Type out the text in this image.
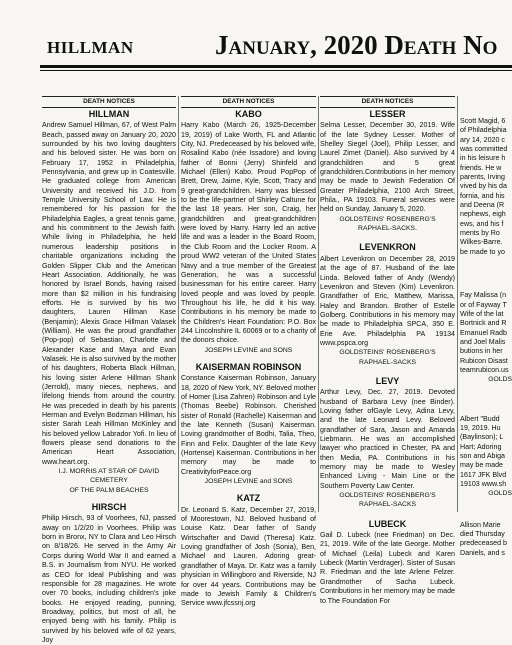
HILLMAN	January, 2020 Death No
DEATH NOTICES
HILLMAN

Andrew Samuel Hillman, 67, of West Palm Beach, passed away on January 20, 2020 surrounded by his two loving daughters and his beloved sister. He was born on February 17, 1952 in Philadelphia, Pennsylvania, and grew up in Coatesville. He graduated college from American University and received his J.D. from Temple University School of Law. He is remembered for his passion for the Philadelphia Eagles, a great tennis game, and his commitment to the Jewish faith. While living in Philadelphia, he held numerous leadership positions in charitable organizations including the Golden Slipper Club and the American Heart Association. Additionally, he was honored by Israel Bonds, having raised more than $2 million in his fundraising efforts. He is survived by his two daughters, Lauren Hillman Kase (Benjamin); Alexis Grace Hillman Valasek (William). He was the proud grandfather (Pop-pop) of Sebastian, Charlotte and Alexander Kase and Maya and Evan Valasek. He is also survived by the mother of his daughters, Roberta Black Hillman, his loving sister Arlene Hillman Shank (Jerrold), many nieces, nephews, and lifelong friends from around the country. He was preceded in death by his parents Herman and Evelyn Bodzman Hillman, his sister Sarah Leah Hillman McKinley and his beloved yellow Labrador Yofi. In lieu of flowers please send donations to the American Heart Association, www.heart.org.

I.J. MORRIS AT STAR OF DAVID CEMETERY
OF THE PALM BEACHES
HIRSCH

Philip Hirsch, 93 of Voorhees, NJ, passed away on 1/2/20 in Voorhees. Philip was born in Bronx, NY to Clara and Leo Hirsch on 8/18/26. He served in the Army Air Corps during World War II and earned a B.S. in Journalism from NYU. He worked as CEO for Ideal Publishing and was responsible for 28 magazines. He wrote over 70 books, including children's joke books. He enjoyed reading, punning, Broadway, politics, but most of all, he enjoyed being with his family. Philip is survived by his beloved wife of 62 years, Joy

DEATH NOTICES
KABO

Harry Kabo (March 26, 1925-December 19, 2019) of Lake Worth, FL and Atlantic City, NJ. Predeceased by his beloved wife, Rosalind Kabo (née Issadore) and loving father of Bonni (Jerry) Shinfeld and Michael (Ellen) Kabo. Proud PopPop of Brett, Drew, Jaime, Kyle, Scott, Tracy and 9 great-grandchildren. Harry was blessed to be the life-partner of Shirley Caltune for the last 18 years. Her son, Craig, her grandchildren and great-grandchildren were loved by Harry. Harry led an active life and was a leader in the Board Room, the Club Room and the Locker Room. A proud WW2 veteran of the United States Navy and a true member of the Greatest Generation, he was a successful businessman for his entire career. Harry loved people and was loved by people. Throughout his life, he did it his way. Contributions in his memory be made to the Children's Heart Foundation: P.O. Box 244 Lincolnshire IL 60069 or to a charity of the donors choice.

JOSEPH LEVINE and SONS
KAISERMAN ROBINSON

Constance Kaiserman Robinson, January 18, 2020 of New York, NY. Beloved mother of Homer (Lisa Zahren) Robinson and Lyle (Thomas Beebe) Robinson. Cherished sister of Ronald (Rachelle) Kaiserman and the late Kenneth (Susan) Kaiserman. Loving grandmother of Bodhi, Talia, Theo, Finn and Felix. Daughter of the late Kevy (Hortense) Kaiserman. Contributions in her memory may be made to CreativityforPeace.org

JOSEPH LEVINE and SONS
KATZ

Dr. Leonard S. Katz, December 27, 2019, of Moorestown, NJ. Beloved husband of Louise Katz. Dear father of Sandy Wirtschafter and David (Theresa) Katz. Loving grandfather of Josh (Sonia), Ben, Michael and Lauren. Adoring great-grandfather of Maya. Dr. Katz was a family physician in Willingboro and Riverside, NJ for over 44 years. Contributions may be made to Jewish Family & Children's Service www.jfcssnj.org

DEATH NOTICES
LESSER

Selma Lesser, December 30, 2019. Wife of the late Sydney Lesser. Mother of Shelley Siegel (Joel), Philip Lesser, and Laurel Zimet (Daniel). Also survived by 4 grandchildren and 5 great grandchildren.Contributions in her memory may be made to Jewish Federation Of Greater Philadelphia, 2100 Arch Street, Phila., PA 19103. Funeral services were held on Sunday, January 5, 2020.

GOLDSTEINS' ROSENBERG'S
RAPHAEL-SACKS.
LEVENKRON

Albert Levenkron on December 28, 2019 at the age of 87. Husband of the late Linda. Beloved father of Andy (Wendy) Levenkron and Steven (Kim) Levenkron. Grandfather of Eric, Matthew, Marissa, Haley and Brandon. Brother of Estelle Golberg. Contributions in his memory may be made to Philadelphia SPCA, 350 E. Erie Ave. Philadelphia PA 19134 www.pspca.org

GOLDSTEINS' ROSENBERG'S
RAPHAEL-SACKS
LEVY

Arthur Levy, Dec. 27, 2019. Devoted husband of Barbara Levy (nee Binder). Loving father ofGayle Levy, Adina Levy, and the late Leonard Levy. Beloved grandfather of Sara, Jason and Amanda Liebmann. He was an accomplished lawyer who practiced in Chester, PA and then Media, PA. Contributions in his memory may be made to Wesley Enhanced Living - Main Line or the Southern Poverty Law Center.

GOLDSTEINS' ROSENBERG'S
RAPHAEL-SACKS
LUBECK

Gail D. Lubeck (nee Friedman) on Dec. 21, 2019. Wife of the late George. Mother of Michael (Leila) Lubeck and Karen Lubeck (Martin Verdrager). Sister of Susan R. Friedman and the late Arlene Felzer. Grandmother of Sacha Lubeck. Contributions in her memory may be made to The Foundation For

Scott Magid, 6
of Philadelphia
ary 14, 2020 c
was committed
in his leisure h
friends. He w
parents, Irving
vived by his da
fornia, and his
and Deena (R
nephews, eigh
ews, and his f
ments by Ro
Wilkes-Barre.
be made to yo
Fay Malissa (n
or of Fayway T
Wife of the lat
Bortnick and R
Emanuel Radb
and Joel Malis
butions in her
Rubicon Disast
teamrubicon.us
GOLDS
Albert "Budd
19, 2019. Hu
(Baylinson); L
Hart; Adoring
son and Abiga
may be made
1617 JFK Blvd
19103 www.sh
GOLDS
Allison Marie
died Thursday
predeceased b
Daniels, and s
